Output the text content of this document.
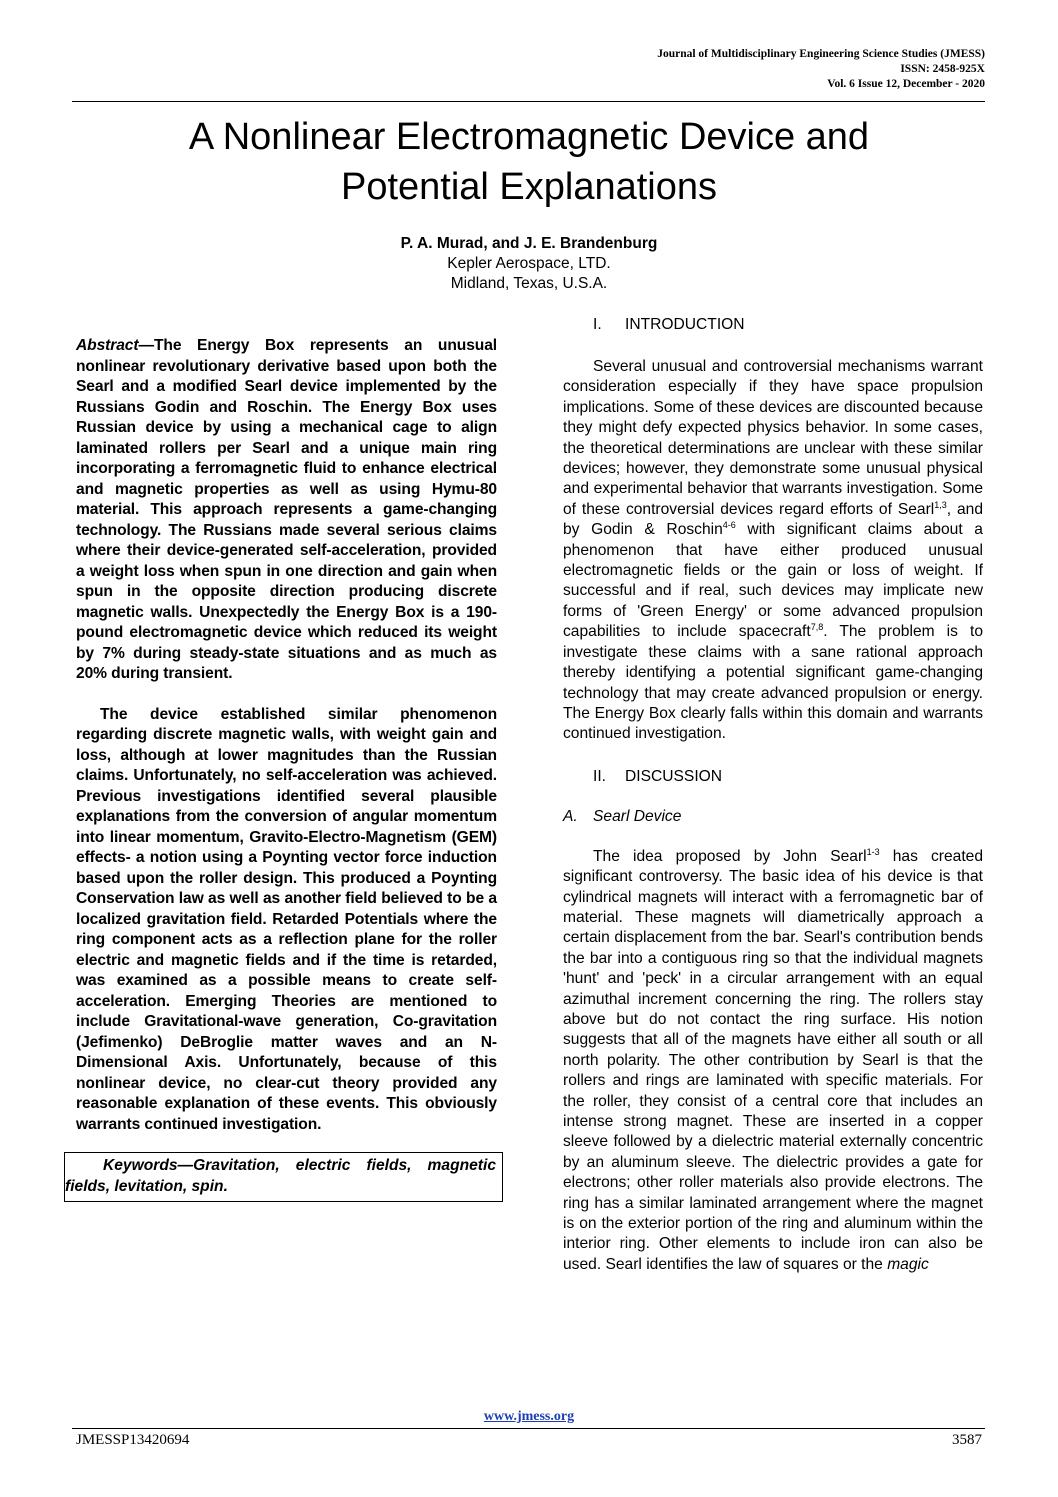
Journal of Multidisciplinary Engineering Science Studies (JMESS)
ISSN: 2458-925X
Vol. 6 Issue 12, December - 2020
A Nonlinear Electromagnetic Device and
Potential Explanations
P. A. Murad, and J. E. Brandenburg
Kepler Aerospace, LTD.
Midland, Texas, U.S.A.

Abstract—The Energy Box represents an unusual nonlinear revolutionary derivative based upon both the Searl and a modified Searl device implemented by the Russians Godin and Roschin. The Energy Box uses Russian device by using a mechanical cage to align laminated rollers per Searl and a unique main ring incorporating a ferromagnetic fluid to enhance electrical and magnetic properties as well as using Hymu-80 material. This approach represents a game-changing technology. The Russians made several serious claims where their device-generated self-acceleration, provided a weight loss when spun in one direction and gain when spun in the opposite direction producing discrete magnetic walls. Unexpectedly the Energy Box is a 190-pound electromagnetic device which reduced its weight by 7% during steady-state situations and as much as 20% during transient.

The device established similar phenomenon regarding discrete magnetic walls, with weight gain and loss, although at lower magnitudes than the Russian claims. Unfortunately, no self-acceleration was achieved. Previous investigations identified several plausible explanations from the conversion of angular momentum into linear momentum, Gravito-Electro-Magnetism (GEM) effects- a notion using a Poynting vector force induction based upon the roller design. This produced a Poynting Conservation law as well as another field believed to be a localized gravitation field. Retarded Potentials where the ring component acts as a reflection plane for the roller electric and magnetic fields and if the time is retarded, was examined as a possible means to create self-acceleration. Emerging Theories are mentioned to include Gravitational-wave generation, Co-gravitation (Jefimenko) DeBroglie matter waves and an N-Dimensional Axis. Unfortunately, because of this nonlinear device, no clear-cut theory provided any reasonable explanation of these events. This obviously warrants continued investigation.

Keywords—Gravitation, electric fields, magnetic fields, levitation, spin.

I. INTRODUCTION

Several unusual and controversial mechanisms warrant consideration especially if they have space propulsion implications. Some of these devices are discounted because they might defy expected physics behavior. In some cases, the theoretical determinations are unclear with these similar devices; however, they demonstrate some unusual physical and experimental behavior that warrants investigation. Some of these controversial devices regard efforts of Searl$^{1,3}$, and by Godin & Roschin$^{4-6}$ with significant claims about a phenomenon that have either produced unusual electromagnetic fields or the gain or loss of weight. If successful and if real, such devices may implicate new forms of 'Green Energy' or some advanced propulsion capabilities to include spacecraft$^{7,8}$. The problem is to investigate these claims with a sane rational approach thereby identifying a potential significant game-changing technology that may create advanced propulsion or energy. The Energy Box clearly falls within this domain and warrants continued investigation.

II. DISCUSSION
A. Searl Device

The idea proposed by John Searl$^{1-3}$ has created significant controversy. The basic idea of his device is that cylindrical magnets will interact with a ferromagnetic bar of material. These magnets will diametrically approach a certain displacement from the bar. Searl's contribution bends the bar into a contiguous ring so that the individual magnets 'hunt' and 'peck' in a circular arrangement with an equal azimuthal increment concerning the ring. The rollers stay above but do not contact the ring surface. His notion suggests that all of the magnets have either all south or all north polarity. The other contribution by Searl is that the rollers and rings are laminated with specific materials. For the roller, they consist of a central core that includes an intense strong magnet. These are inserted in a copper sleeve followed by a dielectric material externally concentric by an aluminum sleeve. The dielectric provides a gate for electrons; other roller materials also provide electrons. The ring has a similar laminated arrangement where the magnet is on the exterior portion of the ring and aluminum within the interior ring. Other elements to include iron can also be used. Searl identifies the law of squares or the magic

www.jmess.org
JMESSP13420694	3587
